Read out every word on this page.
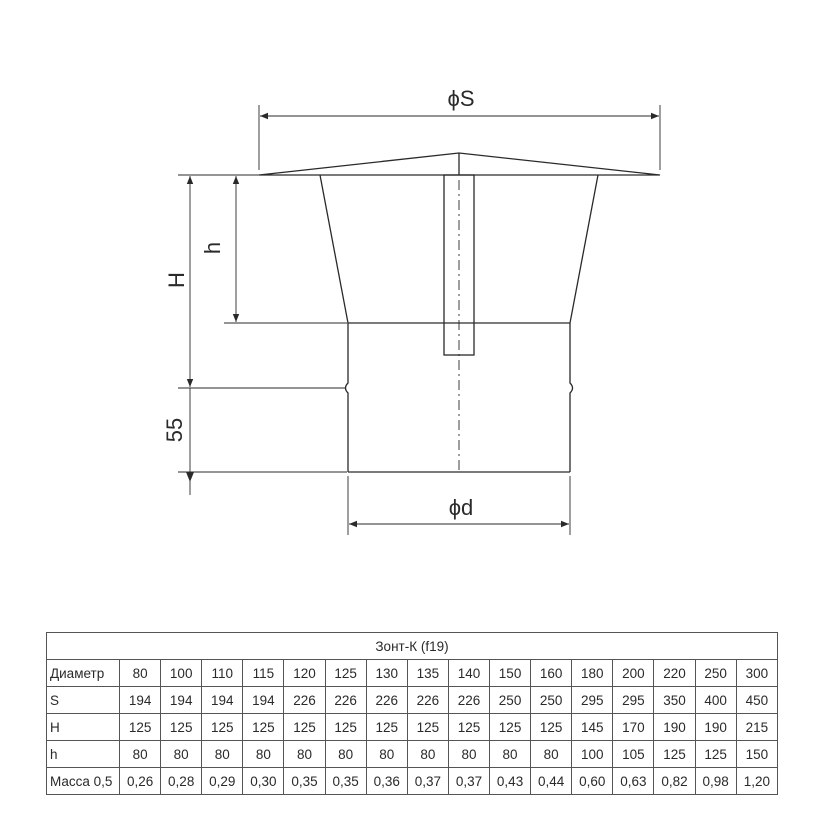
ϕS
H
h
55
ϕd
Зонт-К (f19)																
Диаметр	80	100	110	115	120	125	130	135	140	150	160	180	200	220	250	300
S	194	194	194	194	226	226	226	226	226	250	250	295	295	350	400	450
H	125	125	125	125	125	125	125	125	125	125	125	145	170	190	190	215
h	80	80	80	80	80	80	80	80	80	80	80	100	105	125	125	150
Масса 0,5	0,26	0,28	0,29	0,30	0,35	0,35	0,36	0,37	0,37	0,43	0,44	0,60	0,63	0,82	0,98	1,20
